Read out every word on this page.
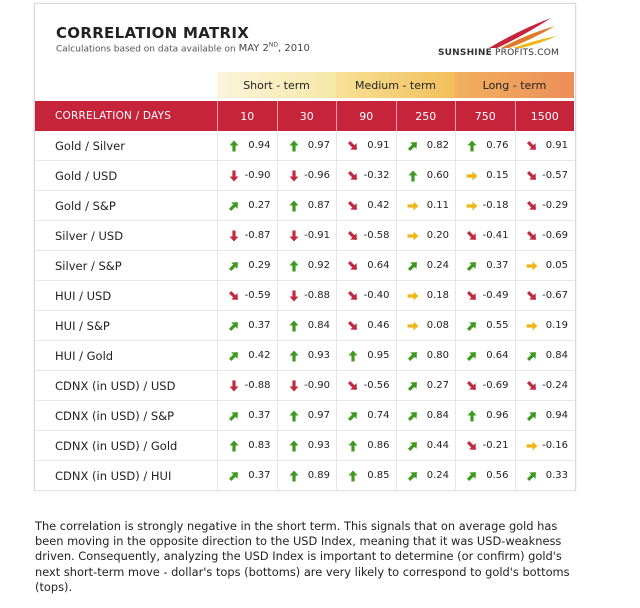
CORRELATION MATRIX
Calculations based on data available on MAY 2ND, 2010	SUNSHINE PROFITS.COM
Short - term	Medium - term	Long - term
CORRELATION / DAYS	10	30	90	250	750	1500
Gold / Silver	0.94	0.97	0.91	0.82	0.76	0.91
Gold / USD	-0.90	-0.96	-0.32	0.60	0.15	-0.57
Gold / S&P	0.27	0.87	0.42	0.11	-0.18	-0.29
Silver / USD	-0.87	-0.91	-0.58	0.20	-0.41	-0.69
Silver / S&P	0.29	0.92	0.64	0.24	0.37	0.05
HUI / USD	-0.59	-0.88	-0.40	0.18	-0.49	-0.67
HUI / S&P	0.37	0.84	0.46	0.08	0.55	0.19
HUI / Gold	0.42	0.93	0.95	0.80	0.64	0.84
CDNX (in USD) / USD	-0.88	-0.90	-0.56	0.27	-0.69	-0.24
CDNX (in USD) / S&P	0.37	0.97	0.74	0.84	0.96	0.94
CDNX (in USD) / Gold	0.83	0.93	0.86	0.44	-0.21	-0.16
CDNX (in USD) / HUI	0.37	0.89	0.85	0.24	0.56	0.33
The correlation is strongly negative in the short term. This signals that on average gold has been moving in the opposite direction to the USD Index, meaning that it was USD-weakness driven. Consequently, analyzing the USD Index is important to determine (or confirm) gold's next short-term move - dollar's tops (bottoms) are very likely to correspond to gold's bottoms (tops).
